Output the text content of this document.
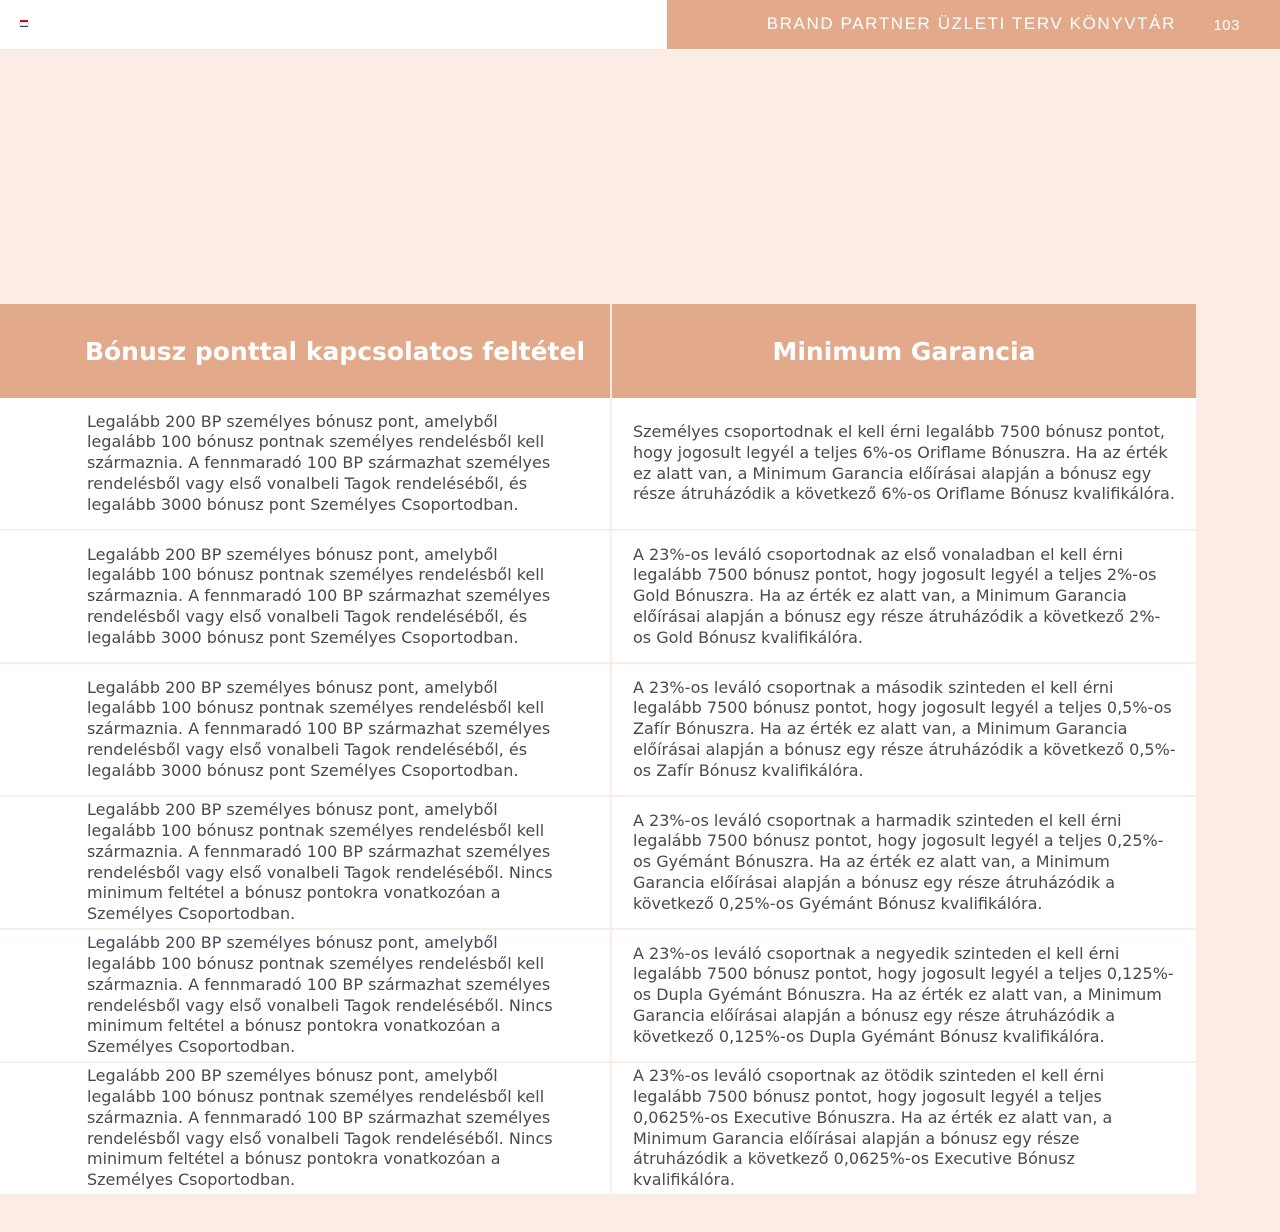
BRAND PARTNER ÜZLETI TERV KÖNYVTÁR 103
Bónusz ponttal kapcsolatos feltétel	Minimum Garancia
Legalább 200 BP személyes bónusz pont, amelyből legalább 100 bónusz pontnak személyes rendelésből kell származnia. A fennmaradó 100 BP származhat személyes rendelésből vagy első vonalbeli Tagok rendeléséből, és legalább 3000 bónusz pont Személyes Csoportodban.
Személyes csoportodnak el kell érni legalább 7500 bónusz pontot, hogy jogosult legyél a teljes 6%-os Oriflame Bónuszra. Ha az érték ez alatt van, a Minimum Garancia előírásai alapján a bónusz egy része átruházódik a következő 6%-os Oriflame Bónusz kvalifikálóra.
Legalább 200 BP személyes bónusz pont, amelyből legalább 100 bónusz pontnak személyes rendelésből kell származnia. A fennmaradó 100 BP származhat személyes rendelésből vagy első vonalbeli Tagok rendeléséből, és legalább 3000 bónusz pont Személyes Csoportodban.
A 23%-os leváló csoportodnak az első vonaladban el kell érni legalább 7500 bónusz pontot, hogy jogosult legyél a teljes 2%-os Gold Bónuszra. Ha az érték ez alatt van, a Minimum Garancia előírásai alapján a bónusz egy része átruházódik a következő 2%-os Gold Bónusz kvalifikálóra.
Legalább 200 BP személyes bónusz pont, amelyből legalább 100 bónusz pontnak személyes rendelésből kell származnia. A fennmaradó 100 BP származhat személyes rendelésből vagy első vonalbeli Tagok rendeléséből, és legalább 3000 bónusz pont Személyes Csoportodban.
A 23%-os leváló csoportnak a második szinteden el kell érni legalább 7500 bónusz pontot, hogy jogosult legyél a teljes 0,5%-os Zafír Bónuszra. Ha az érték ez alatt van, a Minimum Garancia előírásai alapján a bónusz egy része átruházódik a következő 0,5%-os Zafír Bónusz kvalifikálóra.
Legalább 200 BP személyes bónusz pont, amelyből legalább 100 bónusz pontnak személyes rendelésből kell származnia. A fennmaradó 100 BP származhat személyes rendelésből vagy első vonalbeli Tagok rendeléséből. Nincs minimum feltétel a bónusz pontokra vonatkozóan a Személyes Csoportodban.
A 23%-os leváló csoportnak a harmadik szinteden el kell érni legalább 7500 bónusz pontot, hogy jogosult legyél a teljes 0,25%-os Gyémánt Bónuszra. Ha az érték ez alatt van, a Minimum Garancia előírásai alapján a bónusz egy része átruházódik a következő 0,25%-os Gyémánt Bónusz kvalifikálóra.
Legalább 200 BP személyes bónusz pont, amelyből legalább 100 bónusz pontnak személyes rendelésből kell származnia. A fennmaradó 100 BP származhat személyes rendelésből vagy első vonalbeli Tagok rendeléséből. Nincs minimum feltétel a bónusz pontokra vonatkozóan a Személyes Csoportodban.
A 23%-os leváló csoportnak a negyedik szinteden el kell érni legalább 7500 bónusz pontot, hogy jogosult legyél a teljes 0,125%-os Dupla Gyémánt Bónuszra. Ha az érték ez alatt van, a Minimum Garancia előírásai alapján a bónusz egy része átruházódik a következő 0,125%-os Dupla Gyémánt Bónusz kvalifikálóra.
Legalább 200 BP személyes bónusz pont, amelyből legalább 100 bónusz pontnak személyes rendelésből kell származnia. A fennmaradó 100 BP származhat személyes rendelésből vagy első vonalbeli Tagok rendeléséből. Nincs minimum feltétel a bónusz pontokra vonatkozóan a Személyes Csoportodban.
A 23%-os leváló csoportnak az ötödik szinteden el kell érni legalább 7500 bónusz pontot, hogy jogosult legyél a teljes 0,0625%-os Executive Bónuszra. Ha az érték ez alatt van, a Minimum Garancia előírásai alapján a bónusz egy része átruházódik a következő 0,0625%-os Executive Bónusz kvalifikálóra.
